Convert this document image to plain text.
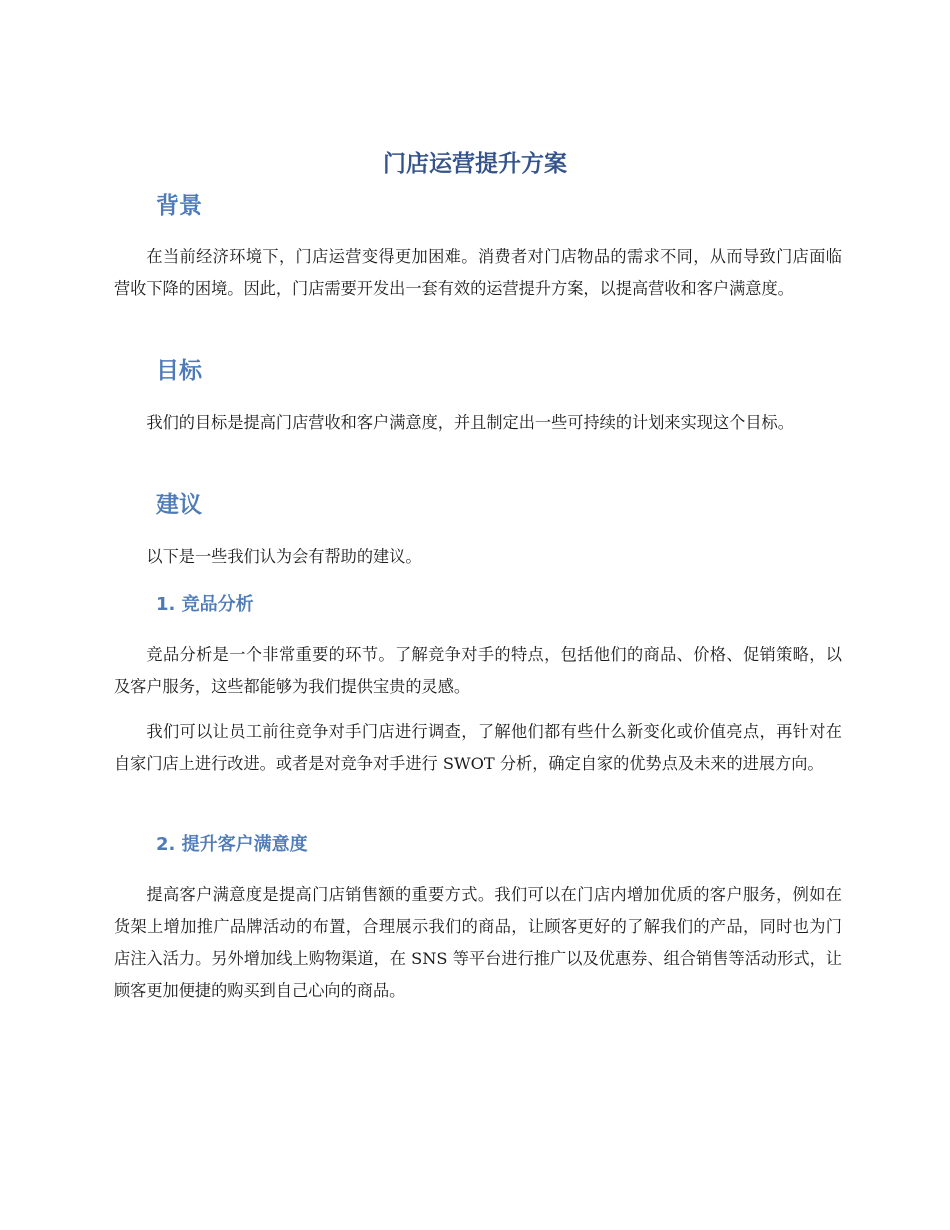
门店运营提升方案
背景

在当前经济环境下，门店运营变得更加困难。消费者对门店物品的需求不同，从而导致门店面临营收下降的困境。因此，门店需要开发出一套有效的运营提升方案，以提高营收和客户满意度。

目标

我们的目标是提高门店营收和客户满意度，并且制定出一些可持续的计划来实现这个目标。

建议

以下是一些我们认为会有帮助的建议。

1. 竞品分析

竞品分析是一个非常重要的环节。了解竞争对手的特点，包括他们的商品、价格、促销策略，以及客户服务，这些都能够为我们提供宝贵的灵感。

我们可以让员工前往竞争对手门店进行调查，了解他们都有些什么新变化或价值亮点，再针对在自家门店上进行改进。或者是对竞争对手进行 SWOT 分析，确定自家的优势点及未来的进展方向。

2. 提升客户满意度

提高客户满意度是提高门店销售额的重要方式。我们可以在门店内增加优质的客户服务，例如在货架上增加推广品牌活动的布置，合理展示我们的商品，让顾客更好的了解我们的产品，同时也为门店注入活力。另外增加线上购物渠道，在 SNS 等平台进行推广以及优惠券、组合销售等活动形式，让顾客更加便捷的购买到自己心向的商品。
